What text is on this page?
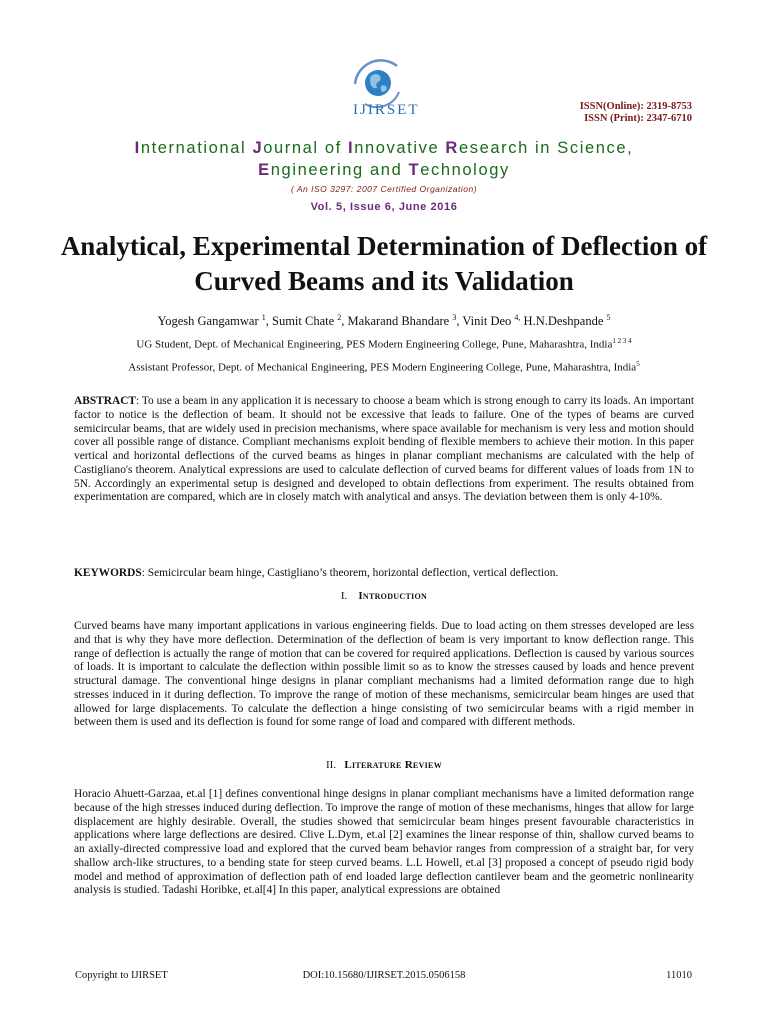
IJIRSET	ISSN(Online): 2319-8753
ISSN (Print): 2347-6710
International Journal of Innovative Research in Science,
Engineering and Technology
( An ISO 3297: 2007 Certified Organization)
Vol. 5, Issue 6, June 2016
Analytical, Experimental Determination of Deflection of Curved Beams and its Validation
Yogesh Gangamwar $^1$, Sumit Chate $^2$, Makarand Bhandare $^3$, Vinit Deo $^{4,}$ H.N.Deshpande $^5$
UG Student, Dept. of Mechanical Engineering, PES Modern Engineering College, Pune, Maharashtra, India$^{1 2 3 4}$
Assistant Professor, Dept. of Mechanical Engineering, PES Modern Engineering College, Pune, Maharashtra, India$^5$
ABSTRACT: To use a beam in any application it is necessary to choose a beam which is strong enough to carry its loads. An important factor to notice is the deflection of beam. It should not be excessive that leads to failure. One of the types of beams are curved semicircular beams, that are widely used in precision mechanisms, where space available for mechanism is very less and motion should cover all possible range of distance. Compliant mechanisms exploit bending of flexible members to achieve their motion. In this paper vertical and horizontal deflections of the curved beams as hinges in planar compliant mechanisms are calculated with the help of Castigliano's theorem. Analytical expressions are used to calculate deflection of curved beams for different values of loads from 1N to 5N. Accordingly an experimental setup is designed and developed to obtain deflections from experiment. The results obtained from experimentation are compared, which are in closely match with analytical and ansys. The deviation between them is only 4-10%.
KEYWORDS: Semicircular beam hinge, Castigliano’s theorem, horizontal deflection, vertical deflection.
I. Introduction
Curved beams have many important applications in various engineering fields. Due to load acting on them stresses developed are less and that is why they have more deflection. Determination of the deflection of beam is very important to know deflection range. This range of deflection is actually the range of motion that can be covered for required applications. Deflection is caused by various sources of loads. It is important to calculate the deflection within possible limit so as to know the stresses caused by loads and hence prevent structural damage. The conventional hinge designs in planar compliant mechanisms had a limited deformation range due to high stresses induced in it during deflection. To improve the range of motion of these mechanisms, semicircular beam hinges are used that allowed for large displacements. To calculate the deflection a hinge consisting of two semicircular beams with a rigid member in between them is used and its deflection is found for some range of load and compared with different methods.
II. Literature Review
Horacio Ahuett-Garzaa, et.al [1] defines conventional hinge designs in planar compliant mechanisms have a limited deformation range because of the high stresses induced during deflection. To improve the range of motion of these mechanisms, hinges that allow for large displacement are highly desirable. Overall, the studies showed that semicircular beam hinges present favourable characteristics in applications where large deflections are desired. Clive L.Dym, et.al [2] examines the linear response of thin, shallow curved beams to an axially-directed compressive load and explored that the curved beam behavior ranges from compression of a straight bar, for very shallow arch-like structures, to a bending state for steep curved beams. L.L Howell, et.al [3] proposed a concept of pseudo rigid body model and method of approximation of deflection path of end loaded large deflection cantilever beam and the geometric nonlinearity analysis is studied. Tadashi Horibke, et.al[4] In this paper, analytical expressions are obtained
Copyright to IJIRSET	DOI:10.15680/IJIRSET.2015.0506158	11010
